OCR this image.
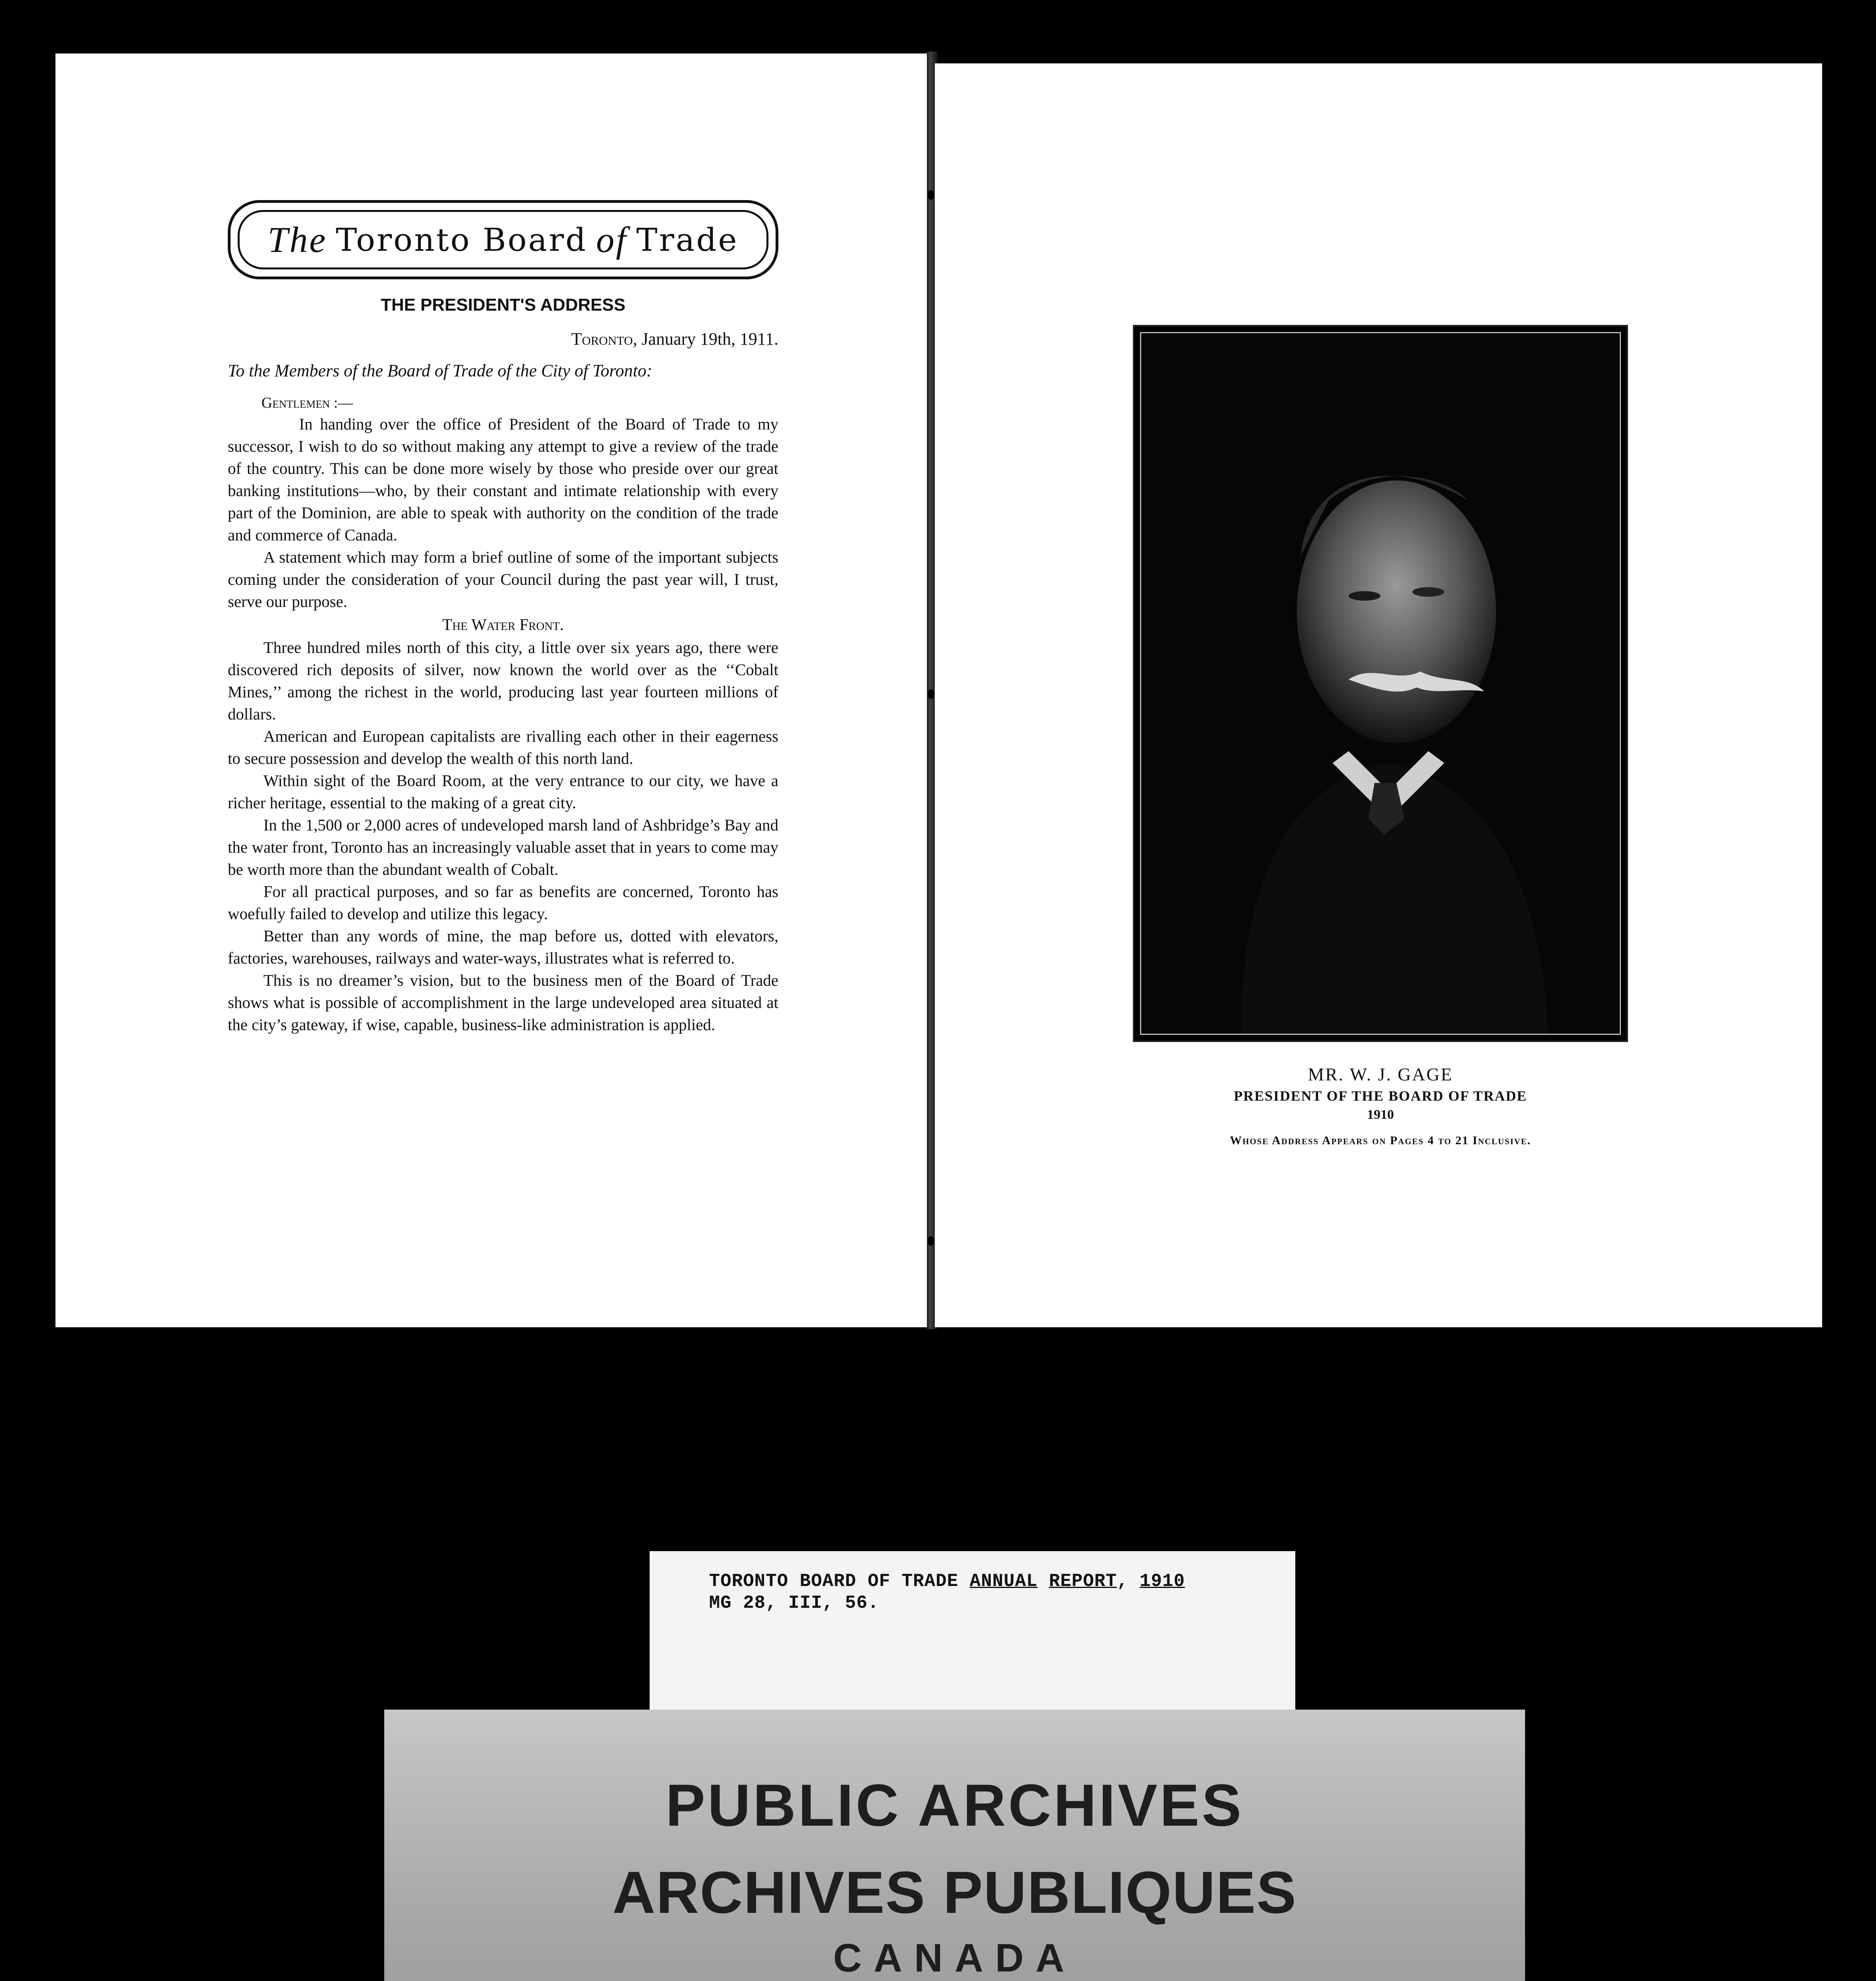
The Toronto Board of Trade
THE PRESIDENT'S ADDRESS
Toronto, January 19th, 1911.
To the Members of the Board of Trade of the City of Toronto:
Gentlemen :—

In handing over the office of President of the Board of Trade to my successor, I wish to do so without making any attempt to give a review of the trade of the country. This can be done more wisely by those who preside over our great banking institutions—who, by their constant and intimate relationship with every part of the Dominion, are able to speak with authority on the condition of the trade and commerce of Canada.

A statement which may form a brief outline of some of the important subjects coming under the consideration of your Council during the past year will, I trust, serve our purpose.

The Water Front.

Three hundred miles north of this city, a little over six years ago, there were discovered rich deposits of silver, now known the world over as the ‘‘Cobalt Mines,’’ among the richest in the world, producing last year fourteen millions of dollars.

American and European capitalists are rivalling each other in their eagerness to secure possession and develop the wealth of this north land.

Within sight of the Board Room, at the very entrance to our city, we have a richer heritage, essential to the making of a great city.

In the 1,500 or 2,000 acres of undeveloped marsh land of Ashbridge’s Bay and the water front, Toronto has an increasingly valuable asset that in years to come may be worth more than the abundant wealth of Cobalt.

For all practical purposes, and so far as benefits are concerned, Toronto has woefully failed to develop and utilize this legacy.

Better than any words of mine, the map before us, dotted with elevators, factories, warehouses, railways and water-ways, illustrates what is referred to.

This is no dreamer’s vision, but to the business men of the Board of Trade shows what is possible of accomplishment in the large undeveloped area situated at the city’s gateway, if wise, capable, business-like administration is applied.

MR. W. J. GAGE
PRESIDENT OF THE BOARD OF TRADE
1910
Whose Address Appears on Pages 4 to 21 Inclusive.
TORONTO BOARD OF TRADE ANNUAL REPORT, 1910
MG 28, III, 56.
PUBLIC ARCHIVES
ARCHIVES PUBLIQUES
CANADA
